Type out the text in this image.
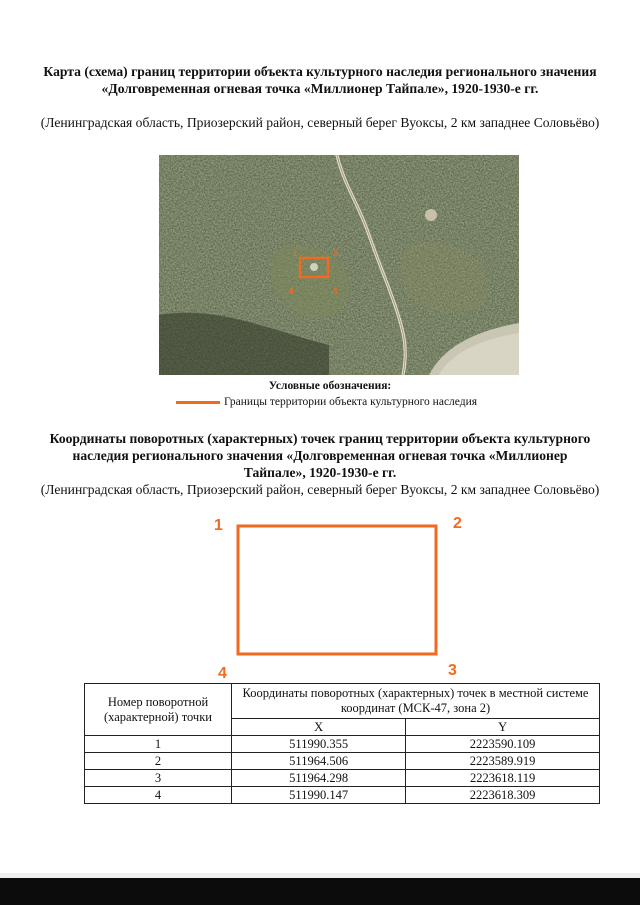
Карта (схема) границ территории объекта культурного наследия регионального значения «Долговременная огневая точка «Миллионер Тайпале», 1920-1930-е гг.
(Ленинградская область, Приозерский район, северный берег Вуоксы, 2 км западнее Соловьёво)
1	2
3
4
Условные обозначения:
Границы территории объекта культурного наследия
Координаты поворотных (характерных) точек границ территории объекта культурного наследия регионального значения «Долговременная огневая точка «Миллионер Тайпале», 1920-1930-е гг.
(Ленинградская область, Приозерский район, северный берег Вуоксы, 2 км западнее Соловьёво)
1	2
3
4
Номер поворотной (характерной) точки	Координаты поворотных (характерных) точек в местной системе координат (МСК-47, зона 2)	
	X	Y
1	511990.355	2223590.109
2	511964.506	2223589.919
3	511964.298	2223618.119
4	511990.147	2223618.309
